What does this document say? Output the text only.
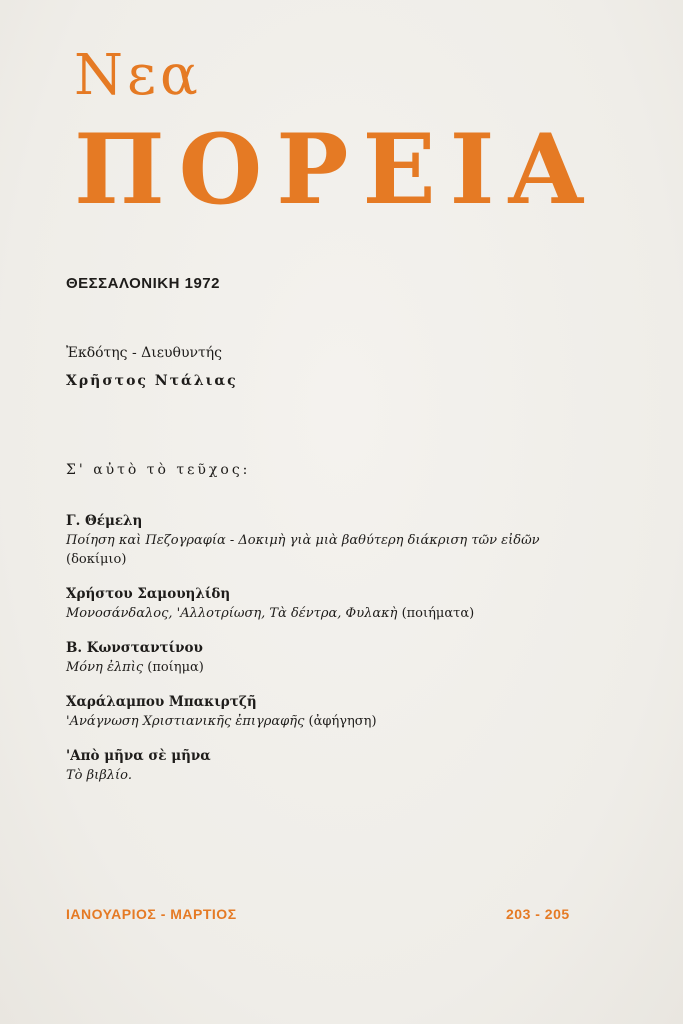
Νεα
ΠΟΡΕΙΑ
ΘΕΣΣΑΛΟΝΙΚΗ 1972
Ἐκδότης - Διευθυντής
Χρῆστος Ντάλιας
Σ' αὐτὸ τὸ τεῦχος:
Γ. Θέμελη
Ποίηση καὶ Πεζογραφία - Δοκιμὴ γιὰ μιὰ βαθύτερη διάκριση τῶν εἰδῶν
(δοκίμιο)
Χρήστου Σαμουηλίδη
Μονοσάνδαλος, 'Αλλοτρίωση, Τὰ δέντρα, Φυλακὴ (ποιήματα)
Β. Κωνσταντίνου
Μόνη ἐλπὶς (ποίημα)
Χαράλαμπου Μπακιρτζῆ
'Ανάγνωση Χριστιανικῆς ἐπιγραφῆς (ἀφήγηση)
'Απὸ μῆνα σὲ μῆνα
Τὸ βιβλίο.
ΙΑΝΟΥΑΡΙΟΣ - ΜΑΡΤΙΟΣ	203 - 205
